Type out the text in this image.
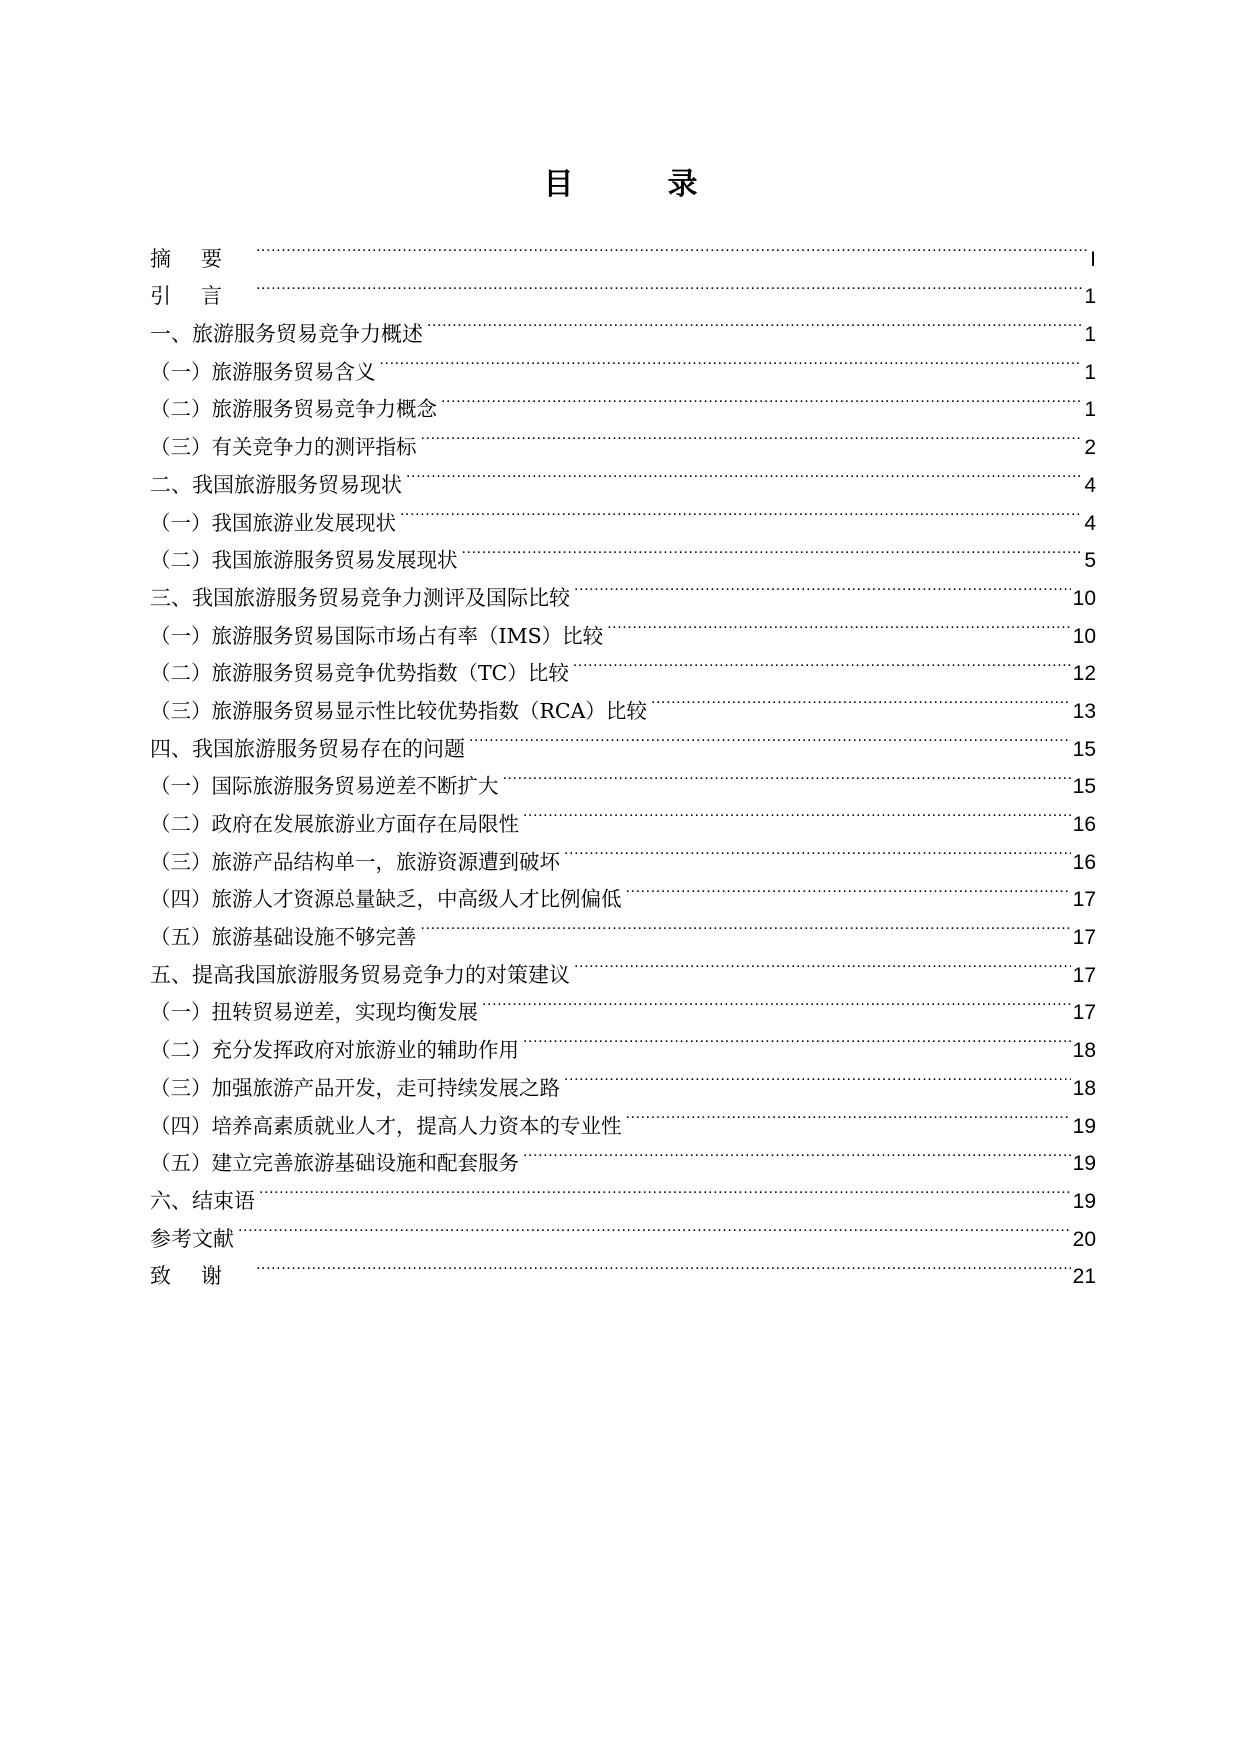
目　录
摘要 .....	I
引言 .....	1
一、旅游服务贸易竞争力概述 .....	1
（一）旅游服务贸易含义 .....	1
（二）旅游服务贸易竞争力概念 .....	1
（三）有关竞争力的测评指标 .....	2
二、我国旅游服务贸易现状 .....	4
（一）我国旅游业发展现状 .....	4
（二）我国旅游服务贸易发展现状 .....	5
三、我国旅游服务贸易竞争力测评及国际比较 .....	10
（一）旅游服务贸易国际市场占有率（IMS）比较 .....	10
（二）旅游服务贸易竞争优势指数（TC）比较 .....	12
（三）旅游服务贸易显示性比较优势指数（RCA）比较 .....	13
四、我国旅游服务贸易存在的问题 .....	15
（一）国际旅游服务贸易逆差不断扩大 .....	15
（二）政府在发展旅游业方面存在局限性 .....	16
（三）旅游产品结构单一，旅游资源遭到破坏 .....	16
（四）旅游人才资源总量缺乏，中高级人才比例偏低 .....	17
（五）旅游基础设施不够完善 .....	17
五、提高我国旅游服务贸易竞争力的对策建议 .....	17
（一）扭转贸易逆差，实现均衡发展 .....	17
（二）充分发挥政府对旅游业的辅助作用 .....	18
（三）加强旅游产品开发，走可持续发展之路 .....	18
（四）培养高素质就业人才，提高人力资本的专业性 .....	19
（五）建立完善旅游基础设施和配套服务 .....	19
六、结束语 .....	19
参考文献 .....	20
致谢 .....	21
